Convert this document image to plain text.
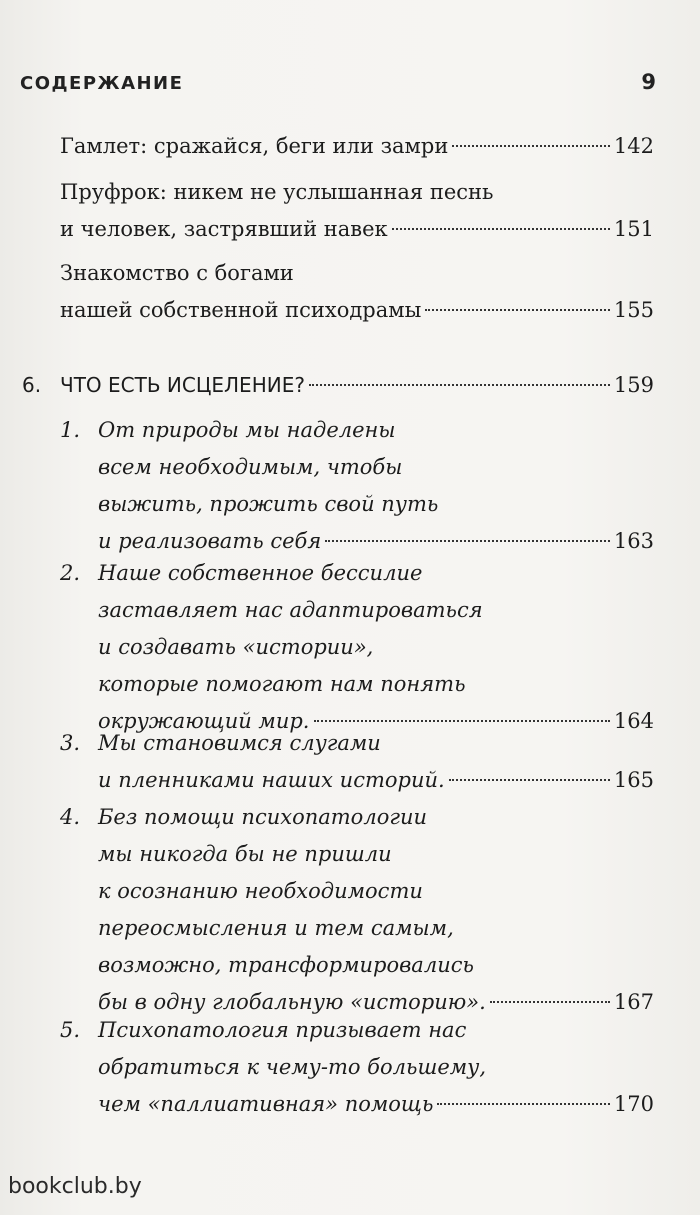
СОДЕРЖАНИЕ	9
Гамлет: сражайся, беги или замри	142
Пруфрок: никем не услышанная песнь
и человек, застрявший навек	151
Знакомство с богами
нашей собственной психодрамы	155
6. ЧТО ЕСТЬ ИСЦЕЛЕНИЕ?	159
1. От природы мы наделены
всем необходимым, чтобы
выжить, прожить свой путь
и реализовать себя	163
2. Наше собственное бессилие
заставляет нас адаптироваться
и создавать «истории»,
которые помогают нам понять
окружающий мир.	164
3. Мы становимся слугами
и пленниками наших историй.	165
4. Без помощи психопатологии
мы никогда бы не пришли
к осознанию необходимости
переосмысления и тем самым,
возможно, трансформировались
бы в одну глобальную «историю».	167
5. Психопатология призывает нас
обратиться к чему-то большему,
чем «паллиативная» помощь	170
bookclub.by
